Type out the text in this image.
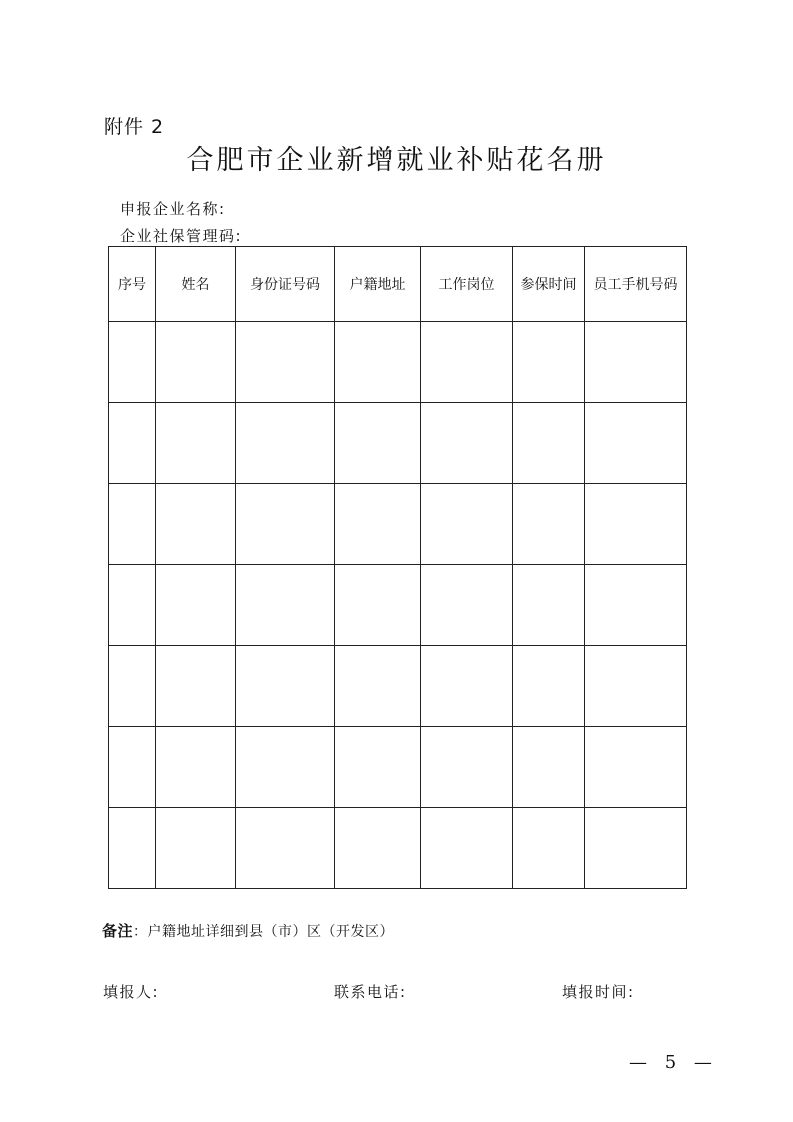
附件 2
合肥市企业新增就业补贴花名册
申报企业名称:
企业社保管理码:
序号	姓名	身份证号码	户籍地址	工作岗位	参保时间	员工手机号码

备注：户籍地址详细到县（市）区（开发区）
填报人:	联系电话:	填报时间:
— 5 —
